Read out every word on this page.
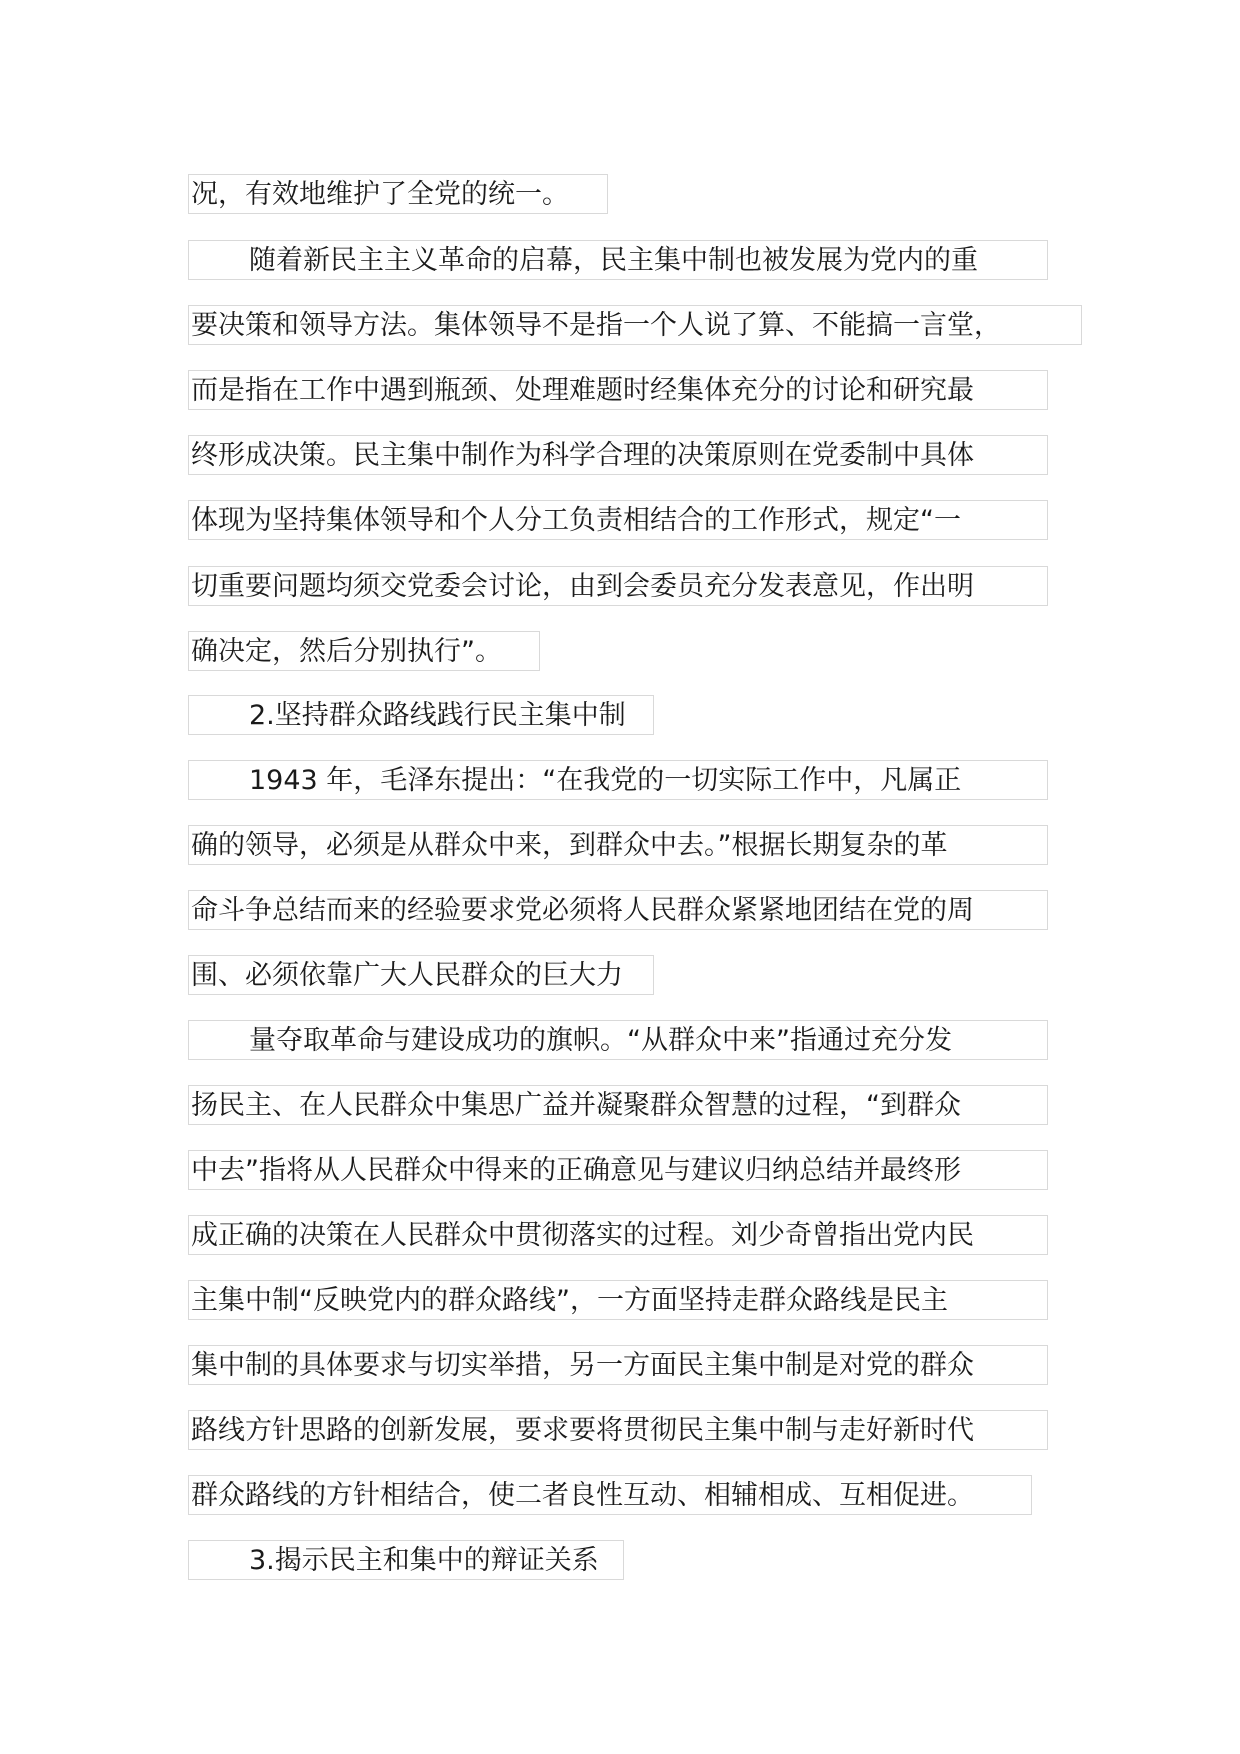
况，有效地维护了全党的统一。
随着新民主主义革命的启幕，民主集中制也被发展为党内的重
要决策和领导方法。集体领导不是指一个人说了算、不能搞一言堂，
而是指在工作中遇到瓶颈、处理难题时经集体充分的讨论和研究最
终形成决策。民主集中制作为科学合理的决策原则在党委制中具体
体现为坚持集体领导和个人分工负责相结合的工作形式，规定“一
切重要问题均须交党委会讨论，由到会委员充分发表意见，作出明
确决定，然后分别执行”。
2.坚持群众路线践行民主集中制
1943 年，毛泽东提出：“在我党的一切实际工作中，凡属正
确的领导，必须是从群众中来，到群众中去。”根据长期复杂的革
命斗争总结而来的经验要求党必须将人民群众紧紧地团结在党的周
围、必须依靠广大人民群众的巨大力
量夺取革命与建设成功的旗帜。“从群众中来”指通过充分发
扬民主、在人民群众中集思广益并凝聚群众智慧的过程，“到群众
中去”指将从人民群众中得来的正确意见与建议归纳总结并最终形
成正确的决策在人民群众中贯彻落实的过程。刘少奇曾指出党内民
主集中制“反映党内的群众路线”，一方面坚持走群众路线是民主
集中制的具体要求与切实举措，另一方面民主集中制是对党的群众
路线方针思路的创新发展，要求要将贯彻民主集中制与走好新时代
群众路线的方针相结合，使二者良性互动、相辅相成、互相促进。
3.揭示民主和集中的辩证关系
